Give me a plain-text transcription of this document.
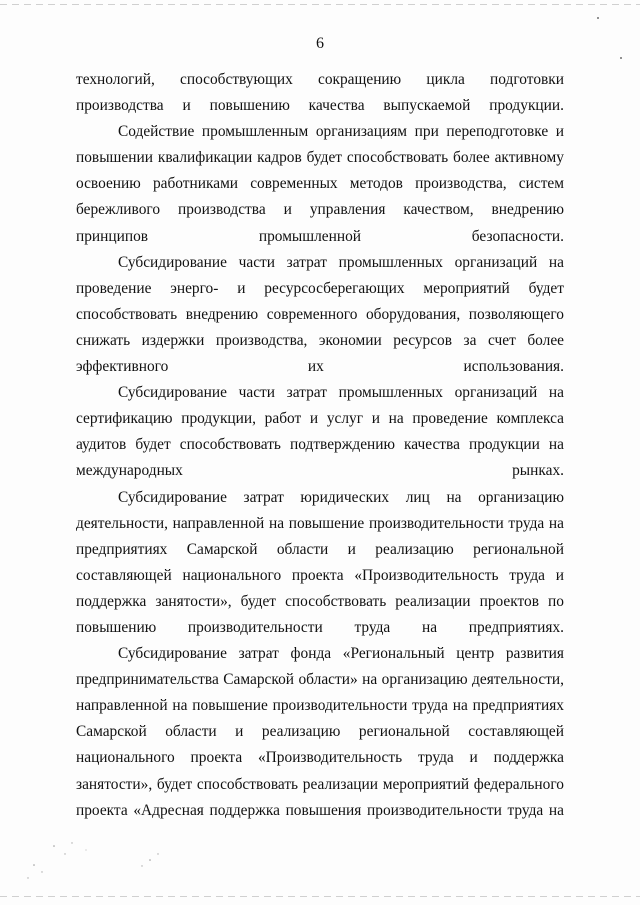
6

технологий, способствующих сокращению цикла подготовки производства и повышению качества выпускаемой продукции.

Содействие промышленным организациям при переподготовке и повышении квалификации кадров будет способствовать более активному освоению работниками современных методов производства, систем бережливого производства и управления качеством, внедрению принципов	промышленной безопасности.

Субсидирование части затрат промышленных организаций на проведение энерго- и ресурсосберегающих мероприятий будет способствовать внедрению современного оборудования, позволяющего снижать издержки производства, экономии ресурсов за счет более эффективного их использования.

Субсидирование части затрат промышленных организаций на сертификацию продукции, работ и услуг и на проведение комплекса аудитов будет способствовать подтверждению качества продукции на международных рынках.

Субсидирование затрат юридических лиц на организацию деятельности, направленной на повышение производительности труда на предприятиях Самарской области и реализацию региональной составляющей национального проекта «Производительность труда и поддержка занятости», будет способствовать реализации проектов по повышению производительности труда на предприятиях.

Субсидирование затрат фонда «Региональный центр развития предпринимательства Самарской области» на организацию деятельности, направленной на повышение производительности труда на предприятиях Самарской области и реализацию региональной составляющей национального проекта «Производительность труда и поддержка занятости», будет способствовать реализации мероприятий федерального проекта «Адресная поддержка повышения производительности труда на
